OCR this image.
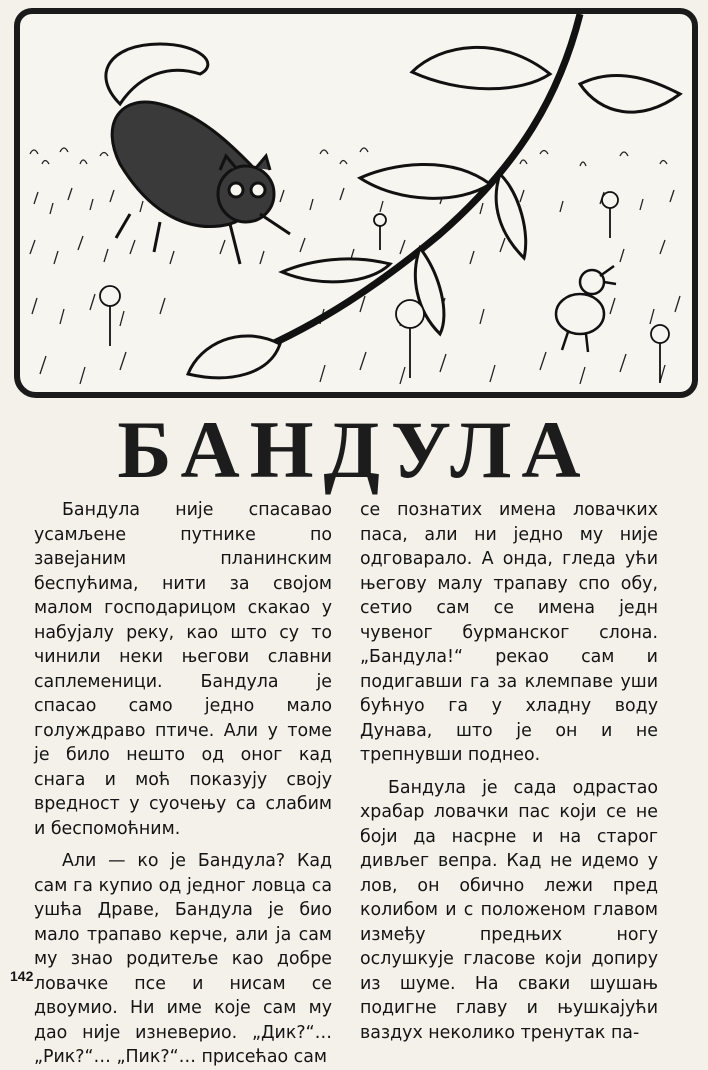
БАНДУЛА

Бандула није спасавао усамљене путнике по завејаним планинским беспућима, нити за својом малом господарицом скакао у набујалу реку, као што су то чинили неки његови славни саплеменици. Бандула је спасао само једно мало голуждраво птиче. Али у томе је било нешто од оног кад снага и моћ показују своју вредност у суочењу са слабим и беспомоћним.

Али — ко је Бандула? Кад сам га купио од једног ловца са ушћа Драве, Бандула је био мало трапаво керче, али ја сам му знао родитеље као добре ловачке псе и нисам се двоумио. Ни име које сам му дао није изневерио. „Дик?“… „Рик?“… „Пик?“… присећао сам

се познатих имена ловачких паса, али ни једно му није одговарало. А онда, гледа ући његову малу трапаву спо обу, сетио сам се имена једн чувеног бурманског слона. „Бандула!“ рекао сам и подигавши га за клемпаве уши бућнуо га у хладну воду Дунава, што је он и не трепнувши поднео.

Бандула је сада одрастао храбар ловачки пас који се не боји да насрне и на старог дивљег вепра. Кад не идемо у лов, он обично лежи пред колибом и с положеном главом између предњих ногу ослушкује гласове који допиру из шуме. На сваки шушањ подигне главу и њушкајући ваздух неколико тренутак па-

142
